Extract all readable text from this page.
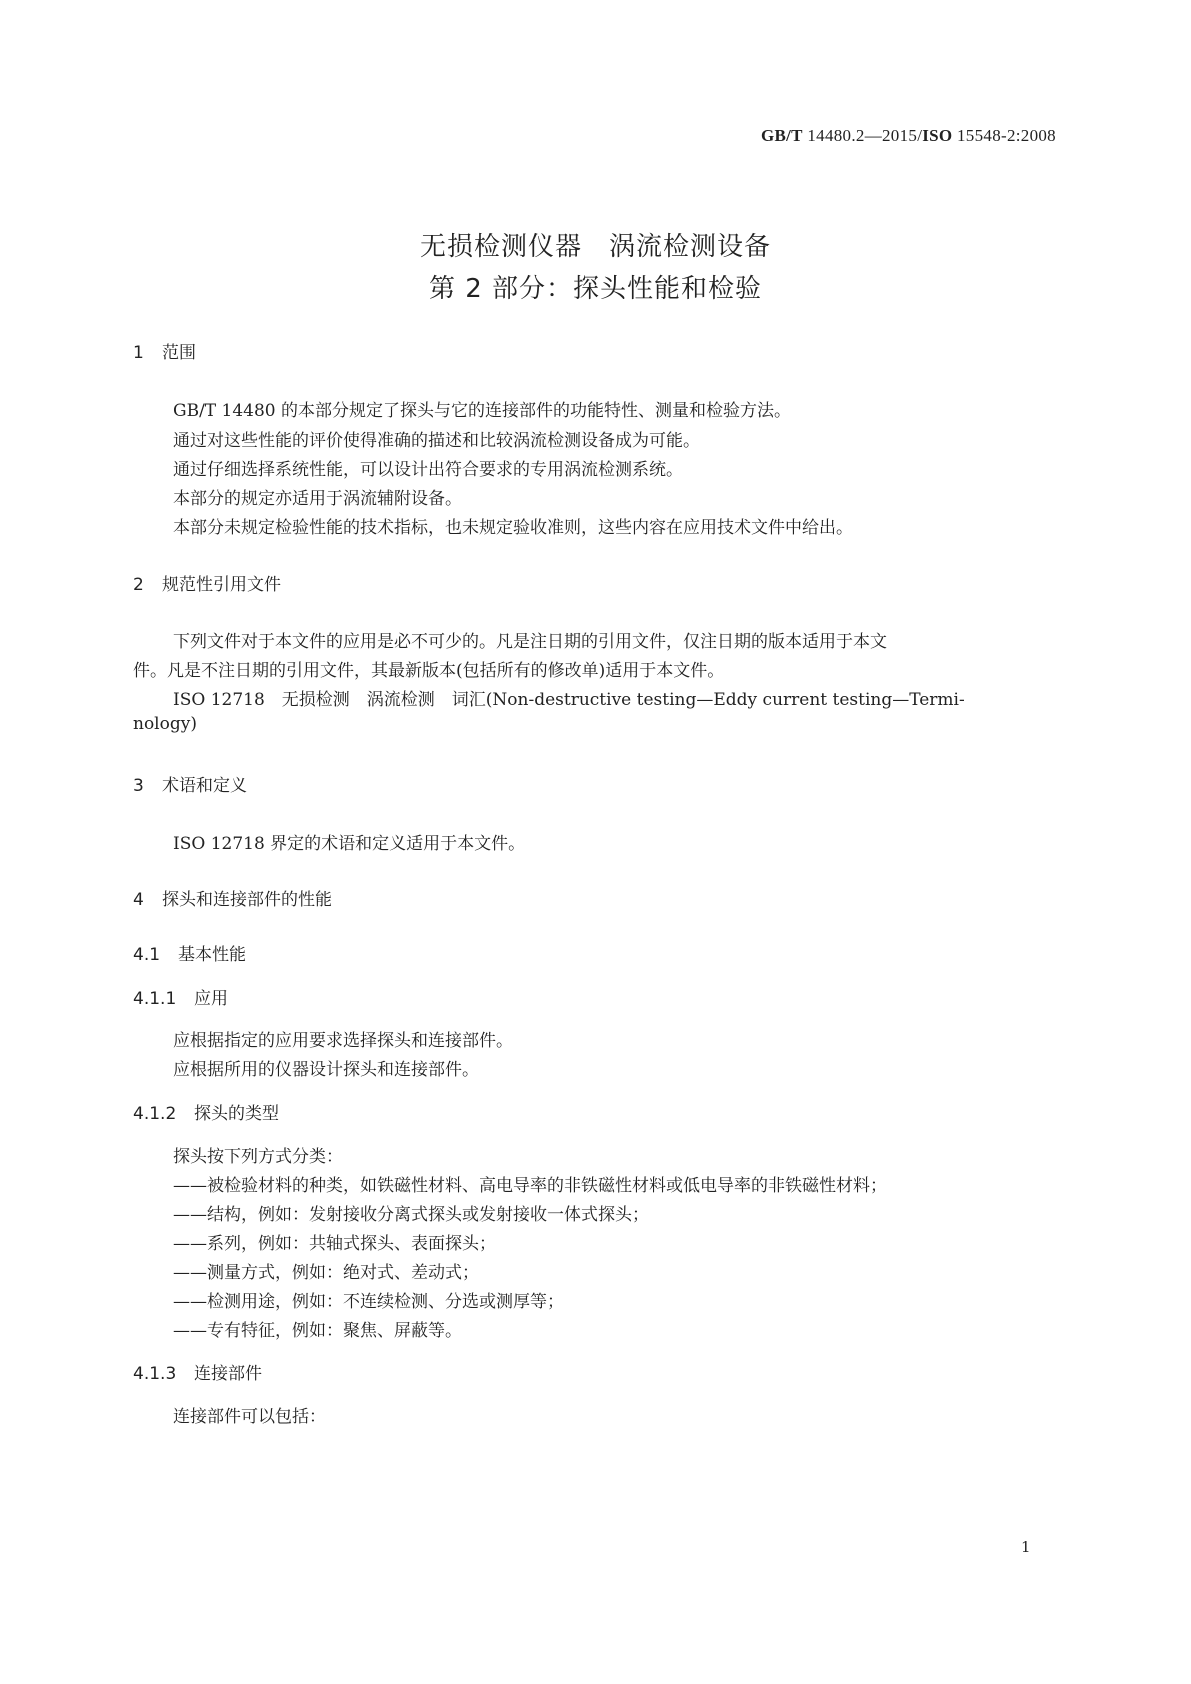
GB/T 14480.2—2015/ISO 15548-2:2008
无损检测仪器　涡流检测设备
第 2 部分：探头性能和检验
1 范围
GB/T 14480 的本部分规定了探头与它的连接部件的功能特性、测量和检验方法。
通过对这些性能的评价使得准确的描述和比较涡流检测设备成为可能。
通过仔细选择系统性能，可以设计出符合要求的专用涡流检测系统。
本部分的规定亦适用于涡流辅附设备。
本部分未规定检验性能的技术指标，也未规定验收准则，这些内容在应用技术文件中给出。
2 规范性引用文件
下列文件对于本文件的应用是必不可少的。凡是注日期的引用文件，仅注日期的版本适用于本文
件。凡是不注日期的引用文件，其最新版本(包括所有的修改单)适用于本文件。
ISO 12718　无损检测　涡流检测　词汇(Non-destructive testing—Eddy current testing—Termi-
nology)
3 术语和定义
ISO 12718 界定的术语和定义适用于本文件。
4 探头和连接部件的性能
4.1 基本性能
4.1.1 应用
应根据指定的应用要求选择探头和连接部件。
应根据所用的仪器设计探头和连接部件。
4.1.2 探头的类型
探头按下列方式分类：
——被检验材料的种类，如铁磁性材料、高电导率的非铁磁性材料或低电导率的非铁磁性材料；
——结构，例如：发射接收分离式探头或发射接收一体式探头；
——系列，例如：共轴式探头、表面探头；
——测量方式，例如：绝对式、差动式；
——检测用途，例如：不连续检测、分选或测厚等；
——专有特征，例如：聚焦、屏蔽等。
4.1.3 连接部件
连接部件可以包括：
1
